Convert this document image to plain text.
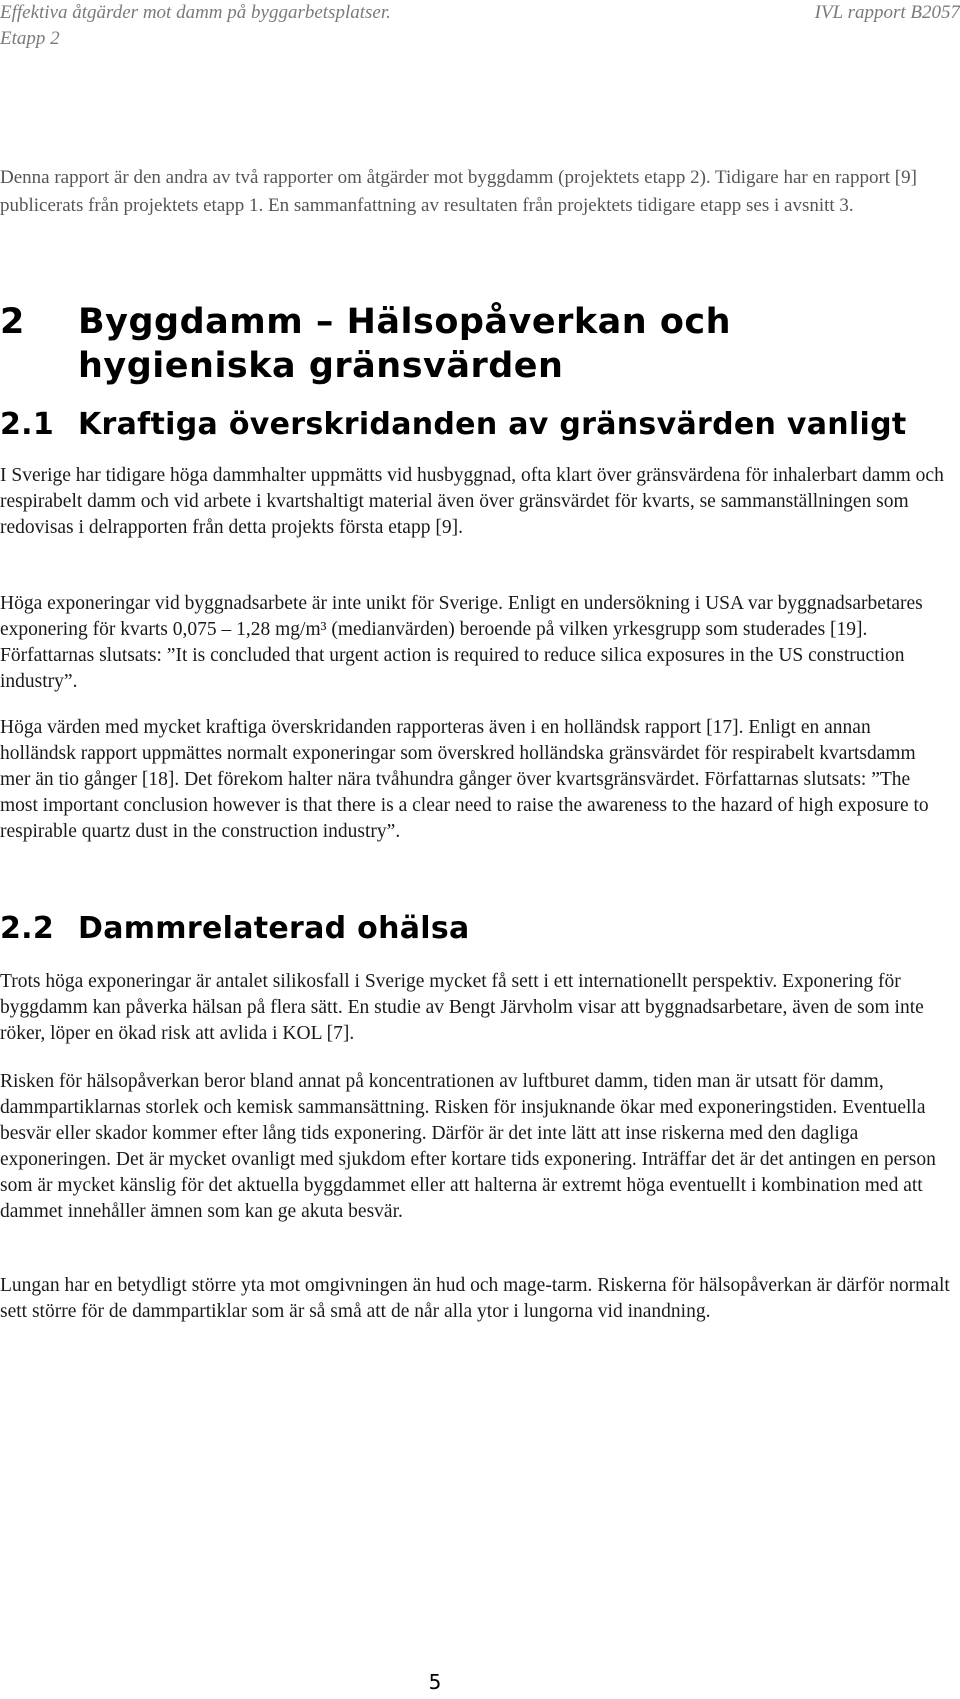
Effektiva åtgärder mot damm på byggarbetsplatser.
Etapp 2
IVL rapport B2057

Denna rapport är den andra av två rapporter om åtgärder mot byggdamm (projektets etapp 2). Tidigare har en rapport [9] publicerats från projektets etapp 1. En sammanfattning av resultaten från projektets tidigare etapp ses i avsnitt 3.

2 Byggdamm – Hälsopåverkan och
hygieniska gränsvärden
2.1 Kraftiga överskridanden av gränsvärden vanligt

I Sverige har tidigare höga dammhalter uppmätts vid husbyggnad, ofta klart över gränsvärdena för inhalerbart damm och respirabelt damm och vid arbete i kvartshaltigt material även över gränsvärdet för kvarts, se sammanställningen som redovisas i delrapporten från detta projekts första etapp [9].

Höga exponeringar vid byggnadsarbete är inte unikt för Sverige. Enligt en undersökning i USA var byggnadsarbetares exponering för kvarts 0,075 – 1,28 mg/m³ (medianvärden) beroende på vilken yrkesgrupp som studerades [19]. Författarnas slutsats: ”It is concluded that urgent action is required to reduce silica exposures in the US construction industry”.

Höga värden med mycket kraftiga överskridanden rapporteras även i en holländsk rapport [17]. Enligt en annan holländsk rapport uppmättes normalt exponeringar som överskred holländska gränsvärdet för respirabelt kvartsdamm mer än tio gånger [18]. Det förekom halter nära tvåhundra gånger över kvartsgränsvärdet. Författarnas slutsats: ”The most important conclusion however is that there is a clear need to raise the awareness to the hazard of high exposure to respirable quartz dust in the construction industry”.

2.2 Dammrelaterad ohälsa

Trots höga exponeringar är antalet silikosfall i Sverige mycket få sett i ett internationellt perspektiv. Exponering för byggdamm kan påverka hälsan på flera sätt. En studie av Bengt Järvholm visar att byggnadsarbetare, även de som inte röker, löper en ökad risk att avlida i KOL [7].

Risken för hälsopåverkan beror bland annat på koncentrationen av luftburet damm, tiden man är utsatt för damm, dammpartiklarnas storlek och kemisk sammansättning. Risken för insjuknande ökar med exponeringstiden. Eventuella besvär eller skador kommer efter lång tids exponering. Därför är det inte lätt att inse riskerna med den dagliga exponeringen. Det är mycket ovanligt med sjukdom efter kortare tids exponering. Inträffar det är det antingen en person som är mycket känslig för det aktuella byggdammet eller att halterna är extremt höga eventuellt i kombination med att dammet innehåller ämnen som kan ge akuta besvär.

Lungan har en betydligt större yta mot omgivningen än hud och mage-tarm. Riskerna för hälsopåverkan är därför normalt sett större för de dammpartiklar som är så små att de når alla ytor i lungorna vid inandning.

5
